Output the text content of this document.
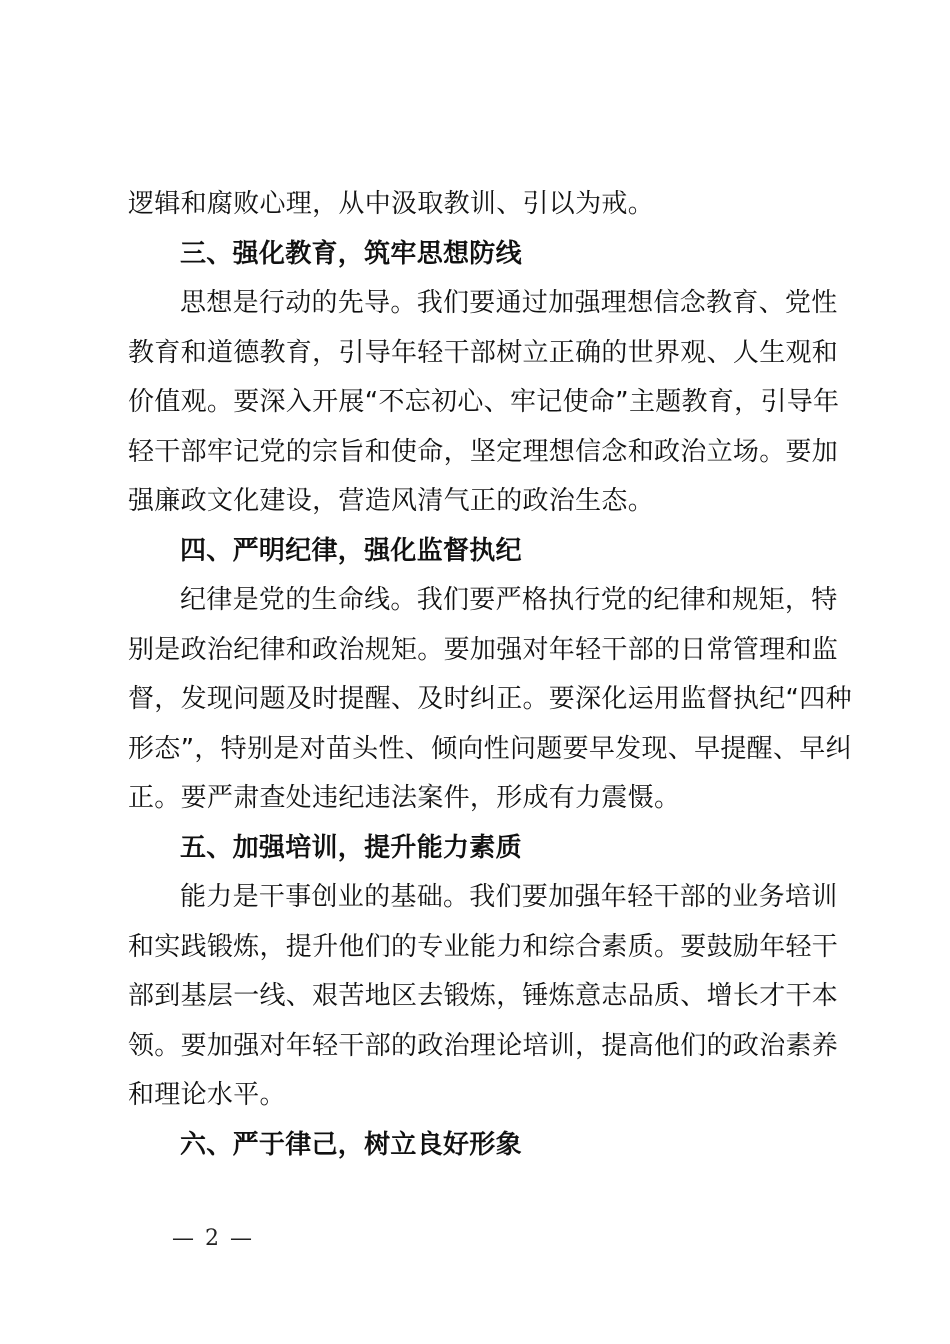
逻辑和腐败心理，从中汲取教训、引以为戒。
三、强化教育，筑牢思想防线
思想是行动的先导。我们要通过加强理想信念教育、党性
教育和道德教育，引导年轻干部树立正确的世界观、人生观和
价值观。要深入开展“不忘初心、牢记使命”主题教育，引导年
轻干部牢记党的宗旨和使命，坚定理想信念和政治立场。要加
强廉政文化建设，营造风清气正的政治生态。
四、严明纪律，强化监督执纪
纪律是党的生命线。我们要严格执行党的纪律和规矩，特
别是政治纪律和政治规矩。要加强对年轻干部的日常管理和监
督，发现问题及时提醒、及时纠正。要深化运用监督执纪“四种
形态”，特别是对苗头性、倾向性问题要早发现、早提醒、早纠
正。要严肃查处违纪违法案件，形成有力震慑。
五、加强培训，提升能力素质
能力是干事创业的基础。我们要加强年轻干部的业务培训
和实践锻炼，提升他们的专业能力和综合素质。要鼓励年轻干
部到基层一线、艰苦地区去锻炼，锤炼意志品质、增长才干本
领。要加强对年轻干部的政治理论培训，提高他们的政治素养
和理论水平。
六、严于律己，树立良好形象
— 2 —
